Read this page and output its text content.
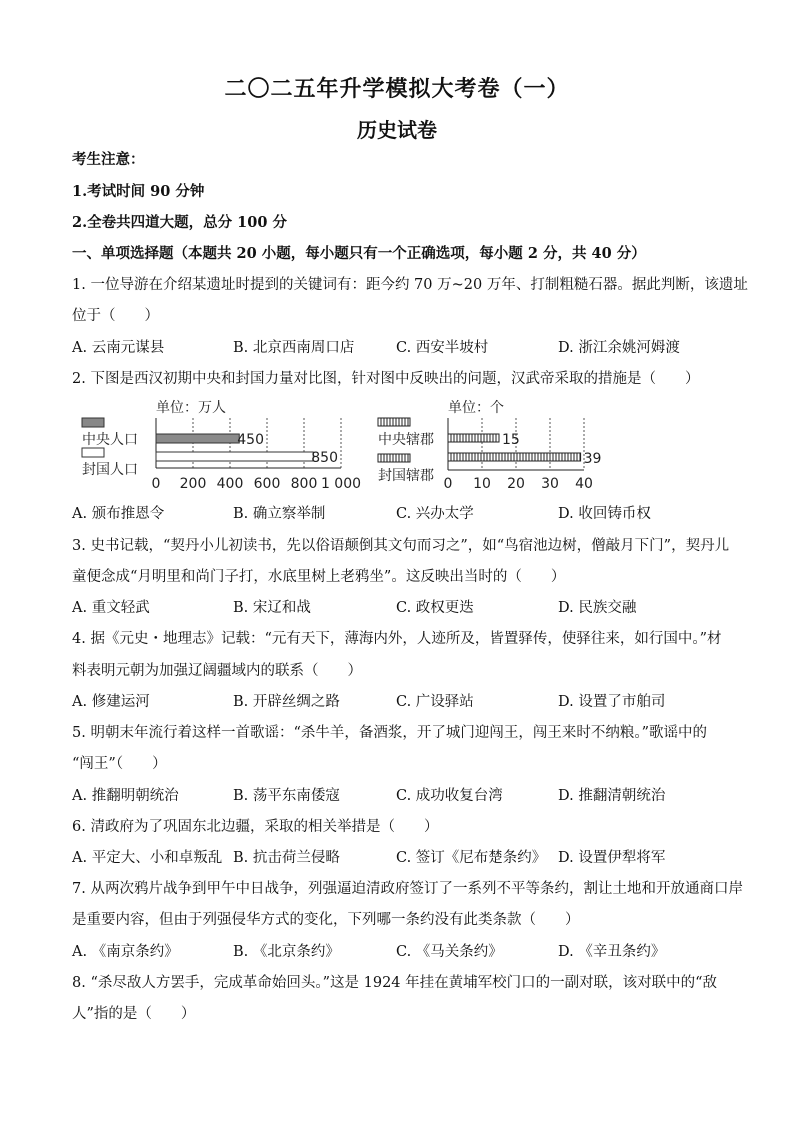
二〇二五年升学模拟大考卷（一）
历史试卷
考生注意：
1.考试时间 90 分钟
2.全卷共四道大题，总分 100 分
一、单项选择题（本题共 20 小题，每小题只有一个正确选项，每小题 2 分，共 40 分）
1. 一位导游在介绍某遗址时提到的关键词有：距今约 70 万~20 万年、打制粗糙石器。据此判断，该遗址
位于（　　）
A. 云南元谋县	B. 北京西南周口店	C. 西安半坡村	D. 浙江余姚河姆渡
2. 下图是西汉初期中央和封国力量对比图，针对图中反映出的问题，汉武帝采取的措施是（　　）
单位：万人
中央人口
封国人口
450
850
0 200 400 600 800 1 000
单位：个
中央辖郡
封国辖郡
15
39
0 10 20 30 40
A. 颁布推恩令	B. 确立察举制	C. 兴办太学	D. 收回铸币权
3. 史书记载，“契丹小儿初读书，先以俗语颠倒其文句而习之”，如“鸟宿池边树，僧敲月下门”，契丹儿
童便念成“月明里和尚门子打，水底里树上老鸦坐”。这反映出当时的（　　）
A. 重文轻武	B. 宋辽和战	C. 政权更迭	D. 民族交融
4. 据《元史・地理志》记载：“元有天下，薄海内外，人迹所及，皆置驿传，使驿往来，如行国中。”材
料表明元朝为加强辽阔疆域内的联系（　　）
A. 修建运河	B. 开辟丝绸之路	C. 广设驿站	D. 设置了市舶司
5. 明朝末年流行着这样一首歌谣：“杀牛羊，备酒浆，开了城门迎闯王，闯王来时不纳粮。”歌谣中的
“闯王”（　　）
A. 推翻明朝统治	B. 荡平东南倭寇	C. 成功收复台湾	D. 推翻清朝统治
6. 清政府为了巩固东北边疆，采取的相关举措是（　　）
A. 平定大、小和卓叛乱 B. 抗击荷兰侵略	C. 签订《尼布楚条约》 D. 设置伊犁将军
7. 从两次鸦片战争到甲午中日战争，列强逼迫清政府签订了一系列不平等条约，割让土地和开放通商口岸
是重要内容，但由于列强侵华方式的变化，下列哪一条约没有此类条款（　　）
A. 《南京条约》	B. 《北京条约》	C. 《马关条约》	D. 《辛丑条约》
8. “杀尽敌人方罢手，完成革命始回头。”这是 1924 年挂在黄埔军校门口的一副对联，该对联中的“敌
人”指的是（　　）
